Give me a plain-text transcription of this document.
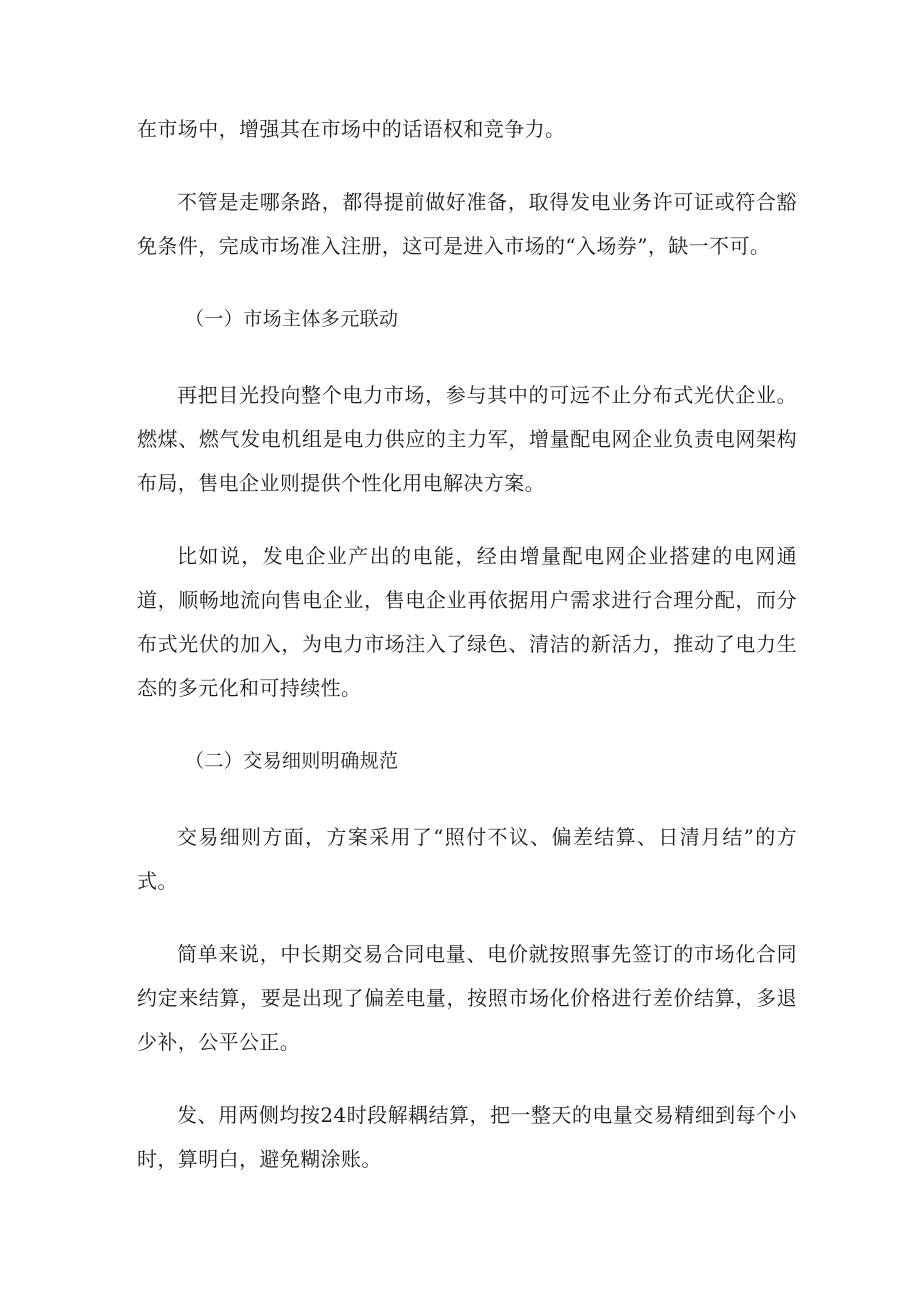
在市场中，增强其在市场中的话语权和竞争力。

不管是走哪条路，都得提前做好准备，取得发电业务许可证或符合豁免条件，完成市场准入注册，这可是进入市场的“入场券”，缺一不可。

（一）市场主体多元联动

再把目光投向整个电力市场，参与其中的可远不止分布式光伏企业。燃煤、燃气发电机组是电力供应的主力军，增量配电网企业负责电网架构布局，售电企业则提供个性化用电解决方案。

比如说，发电企业产出的电能，经由增量配电网企业搭建的电网通道，顺畅地流向售电企业，售电企业再依据用户需求进行合理分配，而分布式光伏的加入，为电力市场注入了绿色、清洁的新活力，推动了电力生态的多元化和可持续性。

（二）交易细则明确规范

交易细则方面，方案采用了“照付不议、偏差结算、日清月结”的方式。

简单来说，中长期交易合同电量、电价就按照事先签订的市场化合同约定来结算，要是出现了偏差电量，按照市场化价格进行差价结算，多退少补，公平公正。

发、用两侧均按24时段解耦结算，把一整天的电量交易精细到每个小时，算明白，避免糊涂账。
